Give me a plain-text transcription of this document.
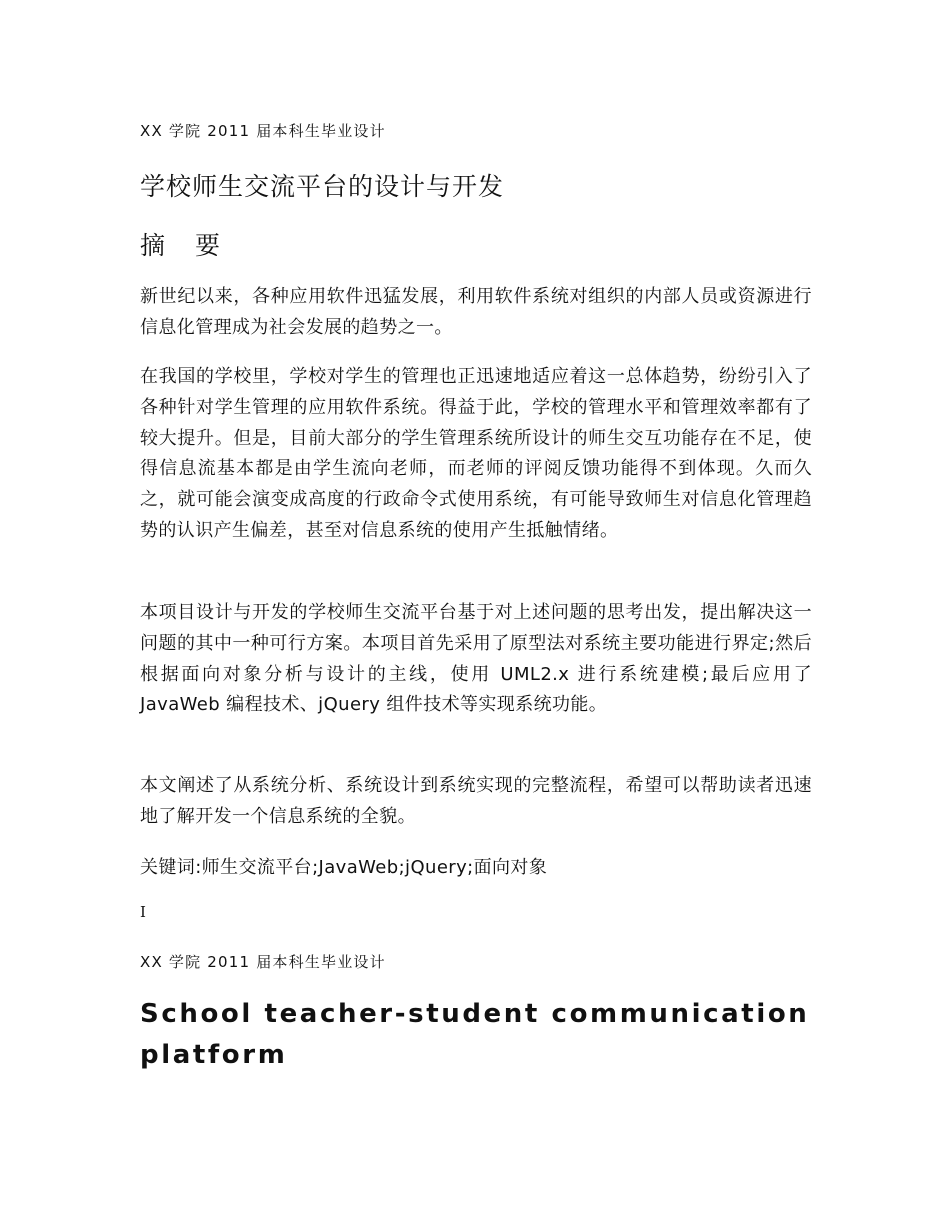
XX 学院 2011 届本科生毕业设计
学校师生交流平台的设计与开发
摘 要

新世纪以来，各种应用软件迅猛发展，利用软件系统对组织的内部人员或资源进行信息化管理成为社会发展的趋势之一。

在我国的学校里，学校对学生的管理也正迅速地适应着这一总体趋势，纷纷引入了各种针对学生管理的应用软件系统。得益于此，学校的管理水平和管理效率都有了较大提升。但是，目前大部分的学生管理系统所设计的师生交互功能存在不足，使得信息流基本都是由学生流向老师，而老师的评阅反馈功能得不到体现。久而久之，就可能会演变成高度的行政命令式使用系统，有可能导致师生对信息化管理趋势的认识产生偏差，甚至对信息系统的使用产生抵触情绪。

本项目设计与开发的学校师生交流平台基于对上述问题的思考出发，提出解决这一问题的其中一种可行方案。本项目首先采用了原型法对系统主要功能进行界定;然后根据面向对象分析与设计的主线，使用 UML2.x 进行系统建模;最后应用了 JavaWeb 编程技术、jQuery 组件技术等实现系统功能。

本文阐述了从系统分析、系统设计到系统实现的完整流程，希望可以帮助读者迅速地了解开发一个信息系统的全貌。

关键词:师生交流平台;JavaWeb;jQuery;面向对象
I
XX 学院 2011 届本科生毕业设计
School teacher-student communication platform
